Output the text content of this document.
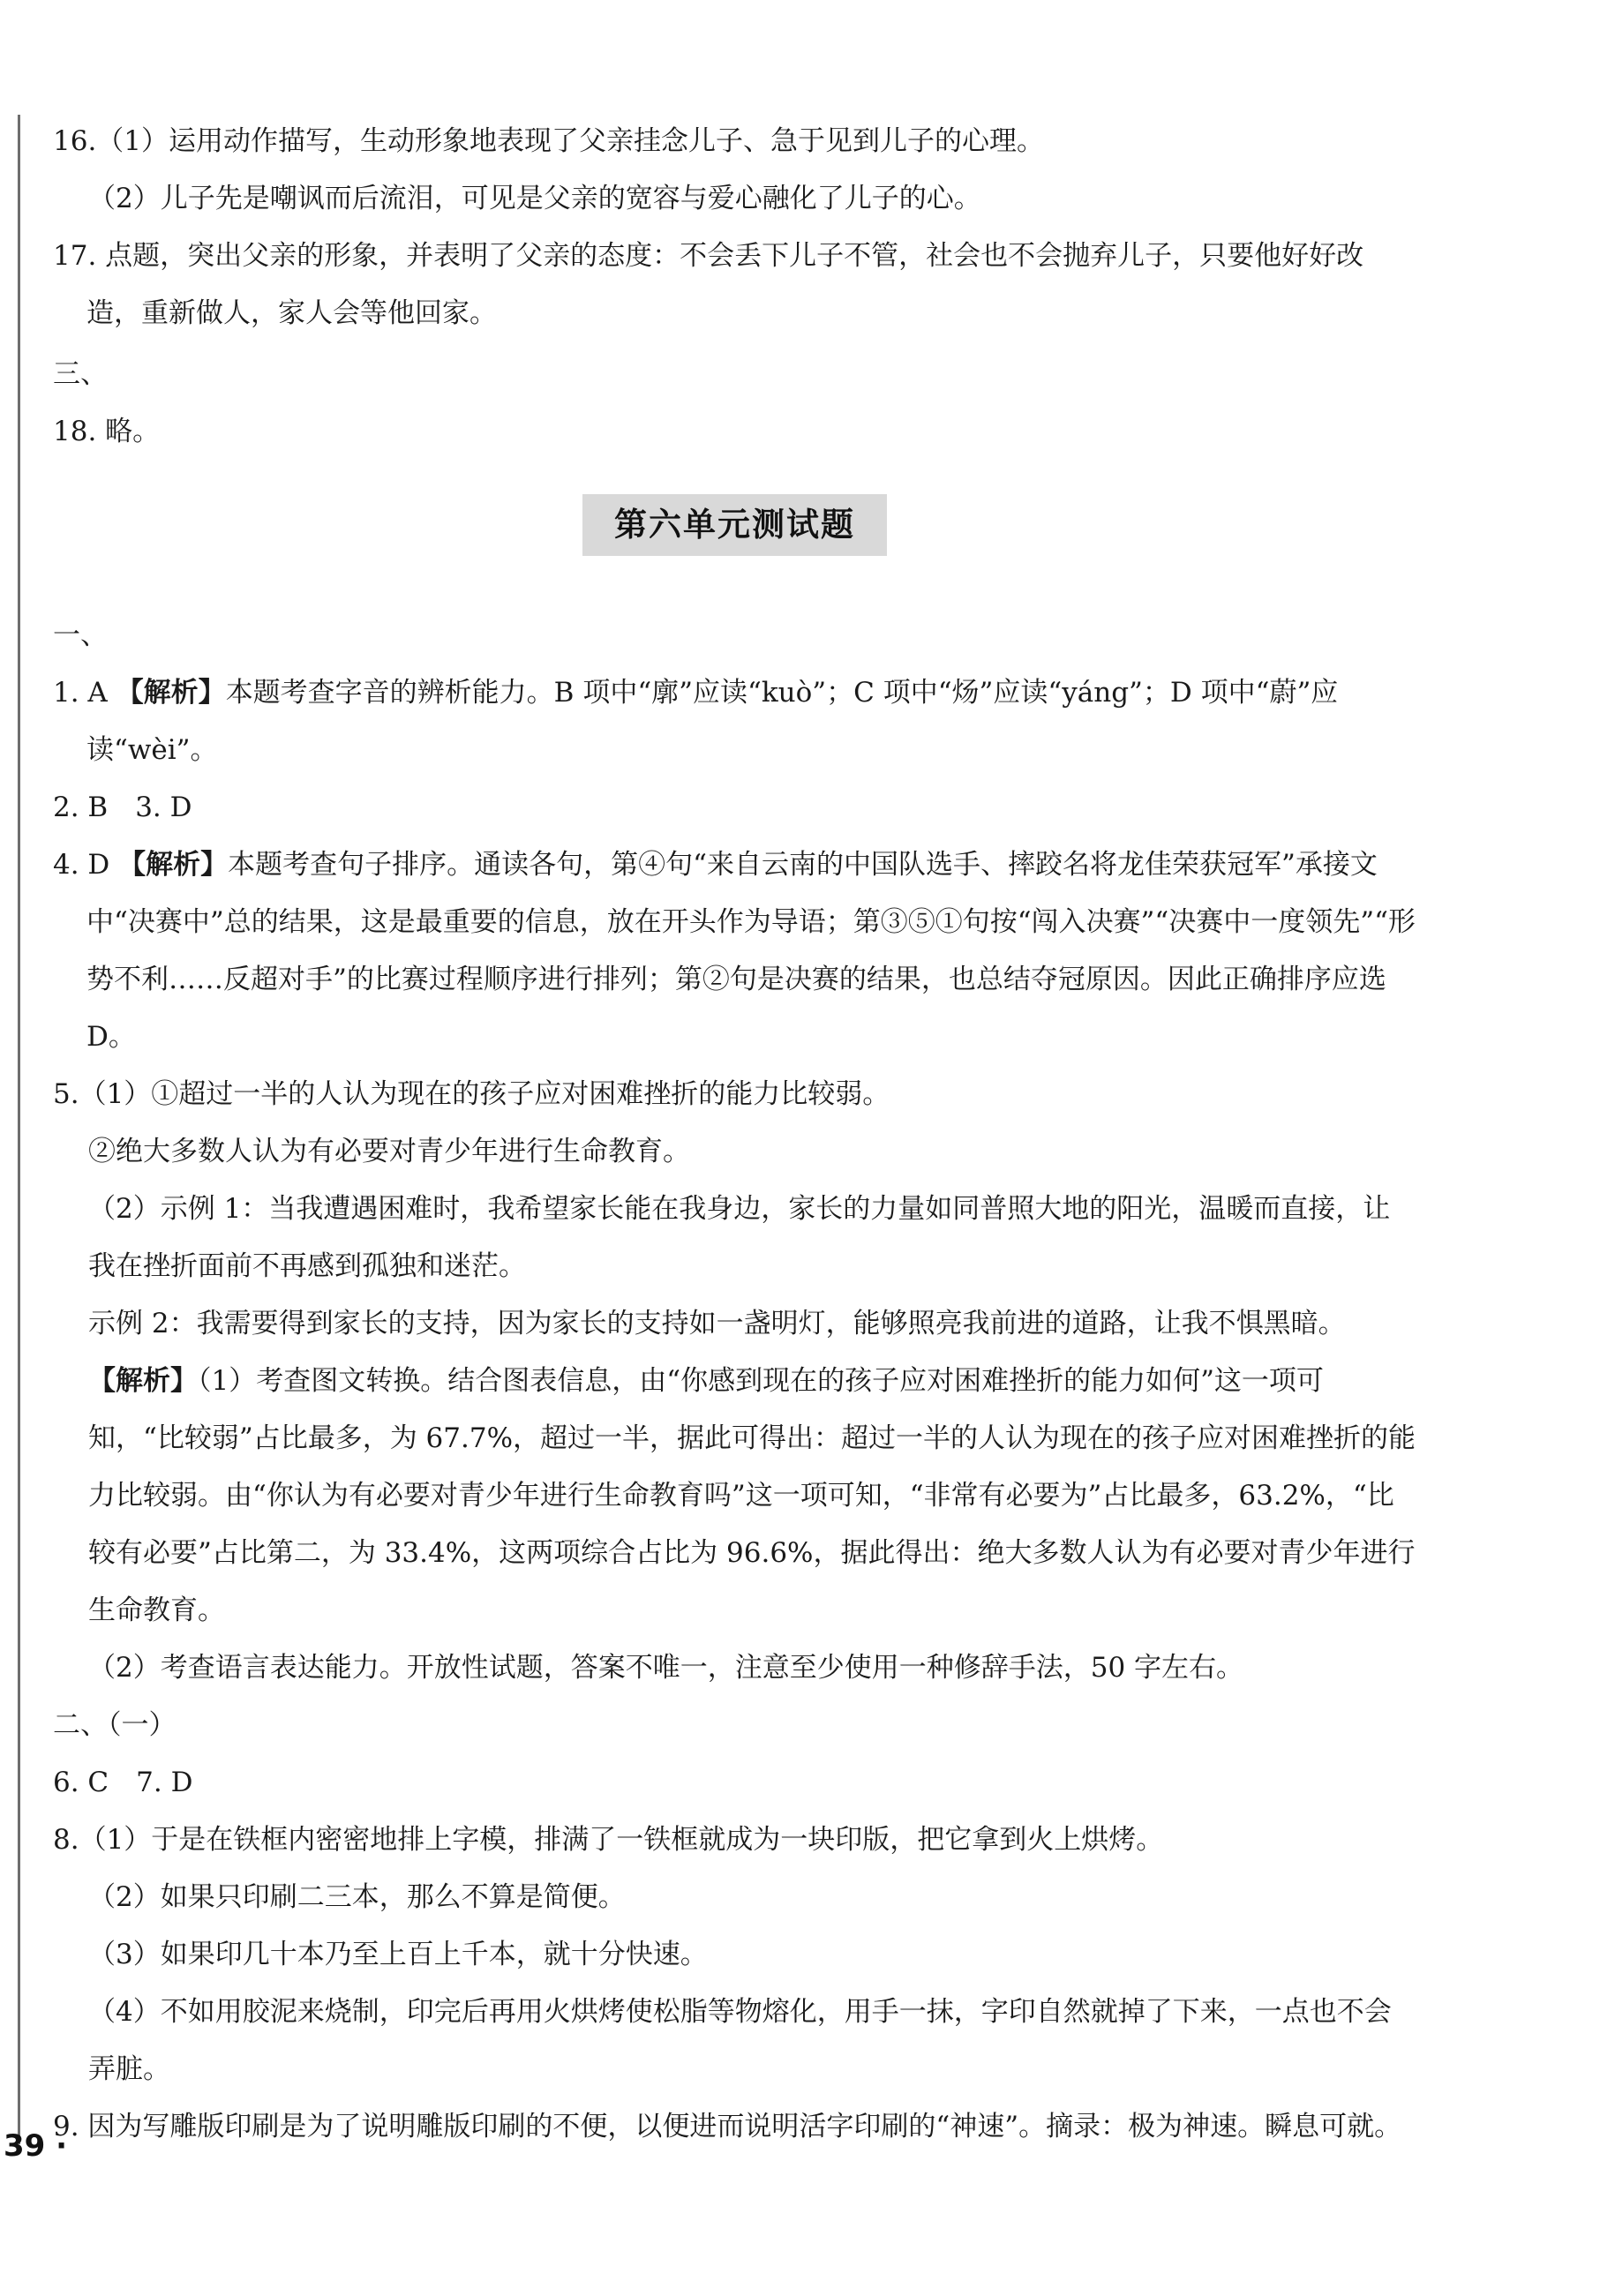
16.（1）运用动作描写，生动形象地表现了父亲挂念儿子、急于见到儿子的心理。

（2）儿子先是嘲讽而后流泪，可见是父亲的宽容与爱心融化了儿子的心。

17. 点题，突出父亲的形象，并表明了父亲的态度：不会丢下儿子不管，社会也不会抛弃儿子，只要他好好改造，重新做人，家人会等他回家。

三、

18. 略。

第六单元测试题

一、

1. A 【解析】本题考查字音的辨析能力。B 项中“廓”应读“kuò”；C 项中“炀”应读“yáng”；D 项中“蔚”应读“wèi”。

2. B　3. D

4. D 【解析】本题考查句子排序。通读各句，第④句“来自云南的中国队选手、摔跤名将龙佳荣获冠军”承接文中“决赛中”总的结果，这是最重要的信息，放在开头作为导语；第③⑤①句按“闯入决赛”“决赛中一度领先”“形势不利……反超对手”的比赛过程顺序进行排列；第②句是决赛的结果，也总结夺冠原因。因此正确排序应选 D。

5.（1）①超过一半的人认为现在的孩子应对困难挫折的能力比较弱。

②绝大多数人认为有必要对青少年进行生命教育。

（2）示例 1：当我遭遇困难时，我希望家长能在我身边，家长的力量如同普照大地的阳光，温暖而直接，让我在挫折面前不再感到孤独和迷茫。

示例 2：我需要得到家长的支持，因为家长的支持如一盏明灯，能够照亮我前进的道路，让我不惧黑暗。

【解析】（1）考查图文转换。结合图表信息，由“你感到现在的孩子应对困难挫折的能力如何”这一项可知，“比较弱”占比最多，为 67.7%，超过一半，据此可得出：超过一半的人认为现在的孩子应对困难挫折的能力比较弱。由“你认为有必要对青少年进行生命教育吗”这一项可知，“非常有必要为”占比最多，63.2%，“比较有必要”占比第二，为 33.4%，这两项综合占比为 96.6%，据此得出：绝大多数人认为有必要对青少年进行生命教育。

（2）考查语言表达能力。开放性试题，答案不唯一，注意至少使用一种修辞手法，50 字左右。

二、（一）

6. C　7. D

8.（1）于是在铁框内密密地排上字模，排满了一铁框就成为一块印版，把它拿到火上烘烤。

（2）如果只印刷二三本，那么不算是简便。

（3）如果印几十本乃至上百上千本，就十分快速。

（4）不如用胶泥来烧制，印完后再用火烘烤使松脂等物熔化，用手一抹，字印自然就掉了下来，一点也不会弄脏。

9. 因为写雕版印刷是为了说明雕版印刷的不便，以便进而说明活字印刷的“神速”。摘录：极为神速。瞬息可就。

39 ·
